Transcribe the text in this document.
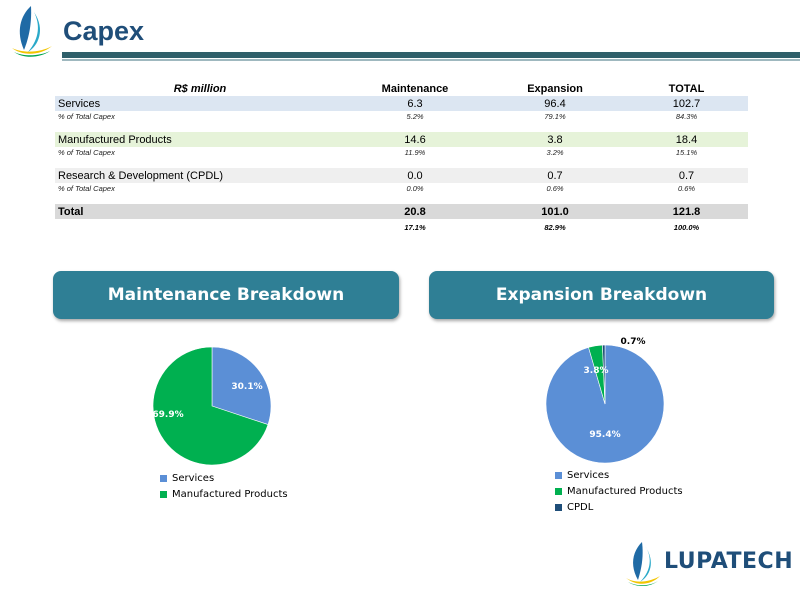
Capex
R$ million	Maintenance	Expansion	TOTAL
Services	6.3	96.4	102.7
% of Total Capex	5.2%	79.1%	84.3%

Manufactured Products	14.6	3.8	18.4
% of Total Capex	11.9%	3.2%	15.1%

Research & Development (CPDL)	0.0	0.7	0.7
% of Total Capex	0.0%	0.6%	0.6%

Total	20.8	101.0	121.8
	17.1%	82.9%	100.0%
Maintenance Breakdown	Expansion Breakdown
30.1%
69.9%
Services
Manufactured Products
95.4%
3.8%
0.7%
Services
Manufactured Products
CPDL
LUPATECH
